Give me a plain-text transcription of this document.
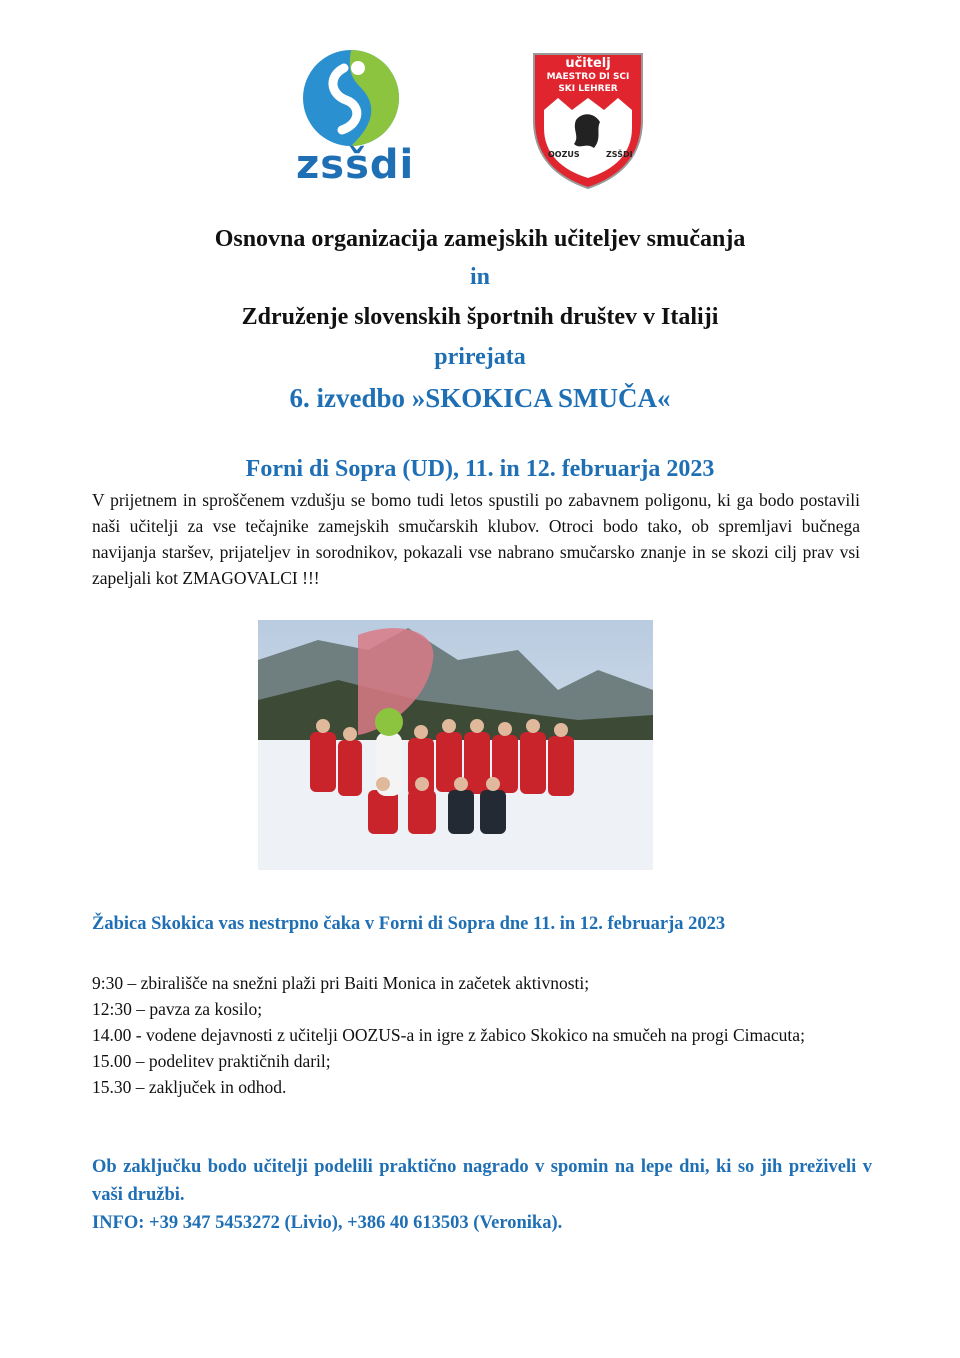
zsšdi
učitelj
MAESTRO DI SCI
SKI LEHRER
OOZUS	ZSŠDI
Osnovna organizacija zamejskih učiteljev smučanja
in
Združenje slovenskih športnih društev v Italiji
prirejata
6. izvedbo »SKOKICA SMUČA«
Forni di Sopra (UD), 11. in 12. februarja 2023
V prijetnem in sproščenem vzdušju se bomo tudi letos spustili po zabavnem poligonu, ki ga bodo postavili naši učitelji za vse tečajnike zamejskih smučarskih klubov. Otroci bodo tako, ob spremljavi bučnega navijanja staršev, prijateljev in sorodnikov, pokazali vse nabrano smučarsko znanje in se skozi cilj prav vsi zapeljali kot ZMAGOVALCI !!!
Žabica Skokica vas nestrpno čaka v Forni di Sopra dne 11. in 12. februarja 2023
9:30 – zbirališče na snežni plaži pri Baiti Monica in začetek aktivnosti;
12:30 – pavza za kosilo;
14.00 - vodene dejavnosti z učitelji OOZUS-a in igre z žabico Skokico na smučeh na progi Cimacuta;
15.00 – podelitev praktičnih daril;
15.30 – zaključek in odhod.
Ob zaključku bodo učitelji podelili praktično nagrado v spomin na lepe dni, ki so jih preživeli v vaši družbi.
INFO: +39 347 5453272 (Livio), +386 40 613503 (Veronika).
